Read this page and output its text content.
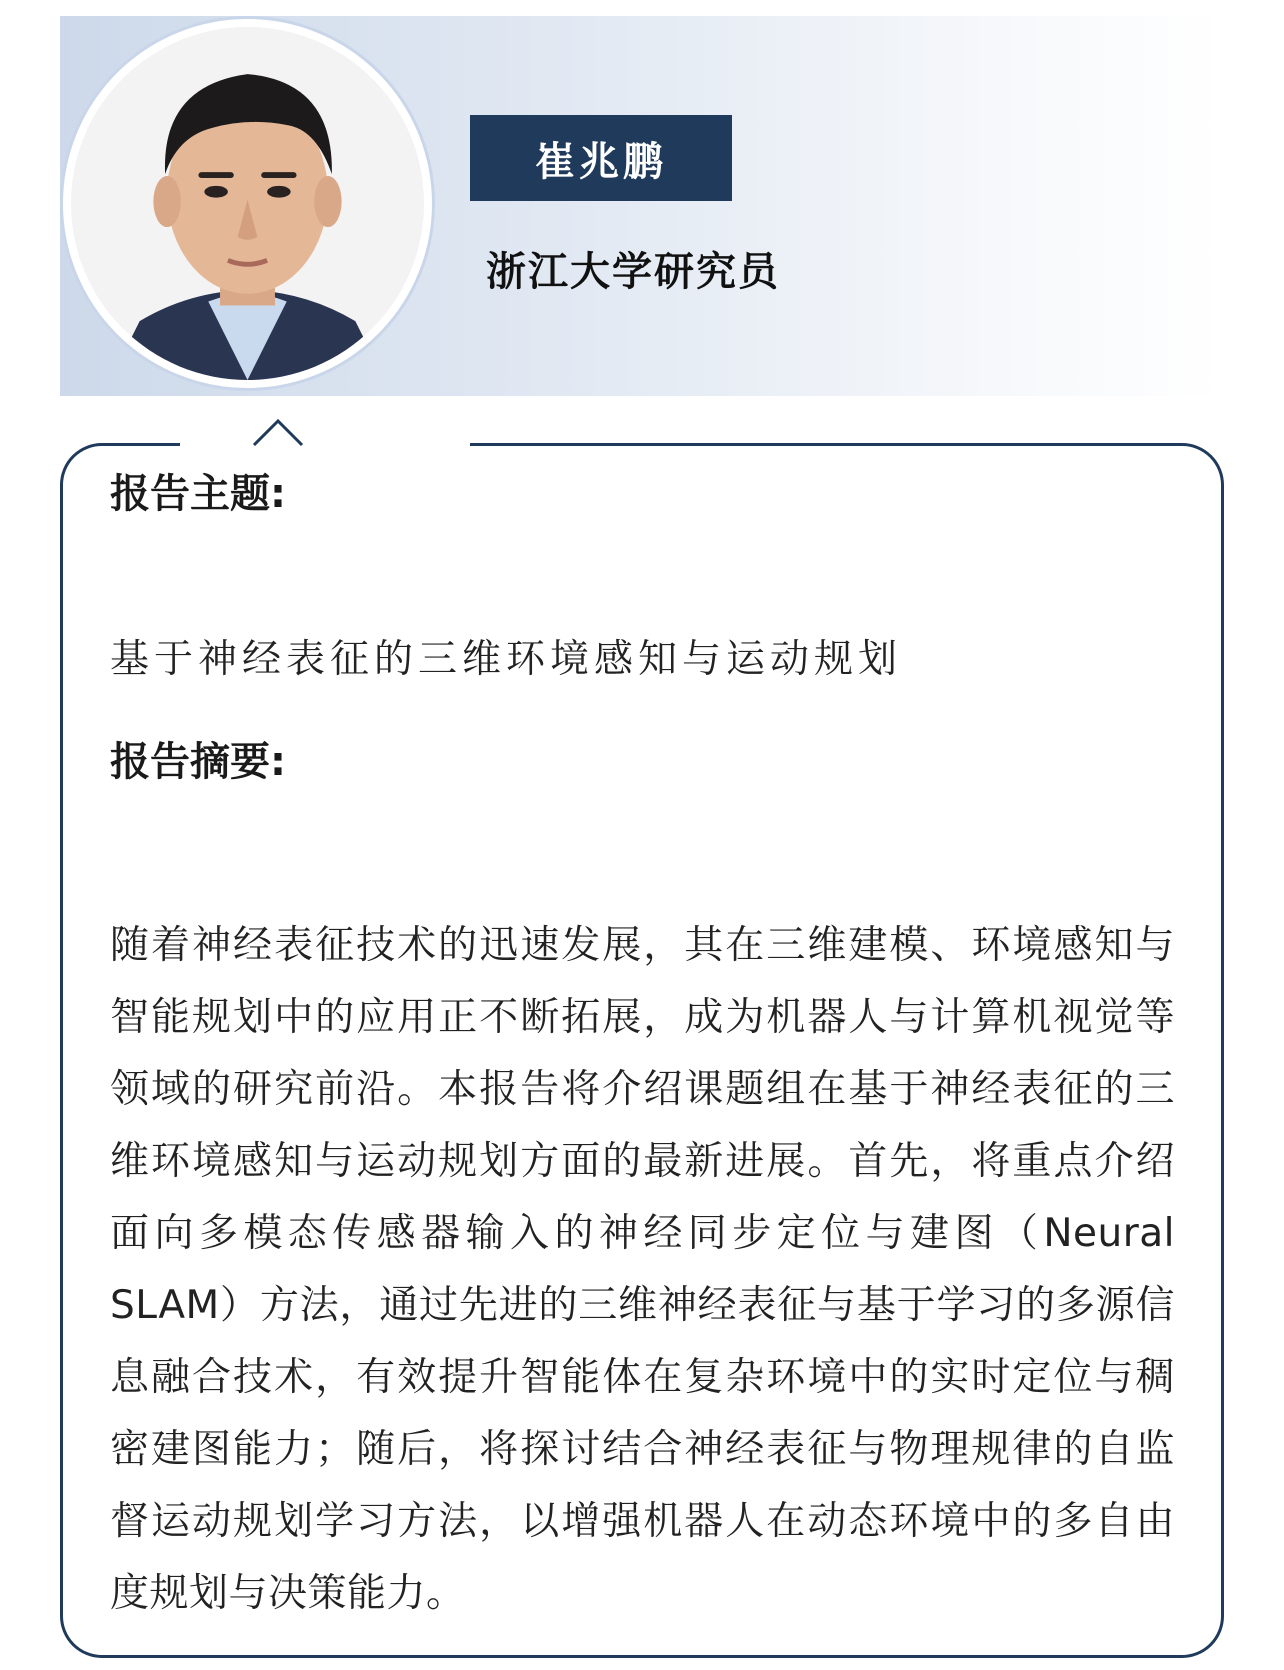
崔兆鹏
浙江大学研究员
报告主题:
基于神经表征的三维环境感知与运动规划
报告摘要:
随着神经表征技术的迅速发展，其在三维建模、环境感知与智能规划中的应用正不断拓展，成为机器人与计算机视觉等领域的研究前沿。本报告将介绍课题组在基于神经表征的三维环境感知与运动规划方面的最新进展。首先，将重点介绍面向多模态传感器输入的神经同步定位与建图（Neural SLAM）方法，通过先进的三维神经表征与基于学习的多源信息融合技术，有效提升智能体在复杂环境中的实时定位与稠密建图能力；随后，将探讨结合神经表征与物理规律的自监督运动规划学习方法，以增强机器人在动态环境中的多自由度规划与决策能力。
